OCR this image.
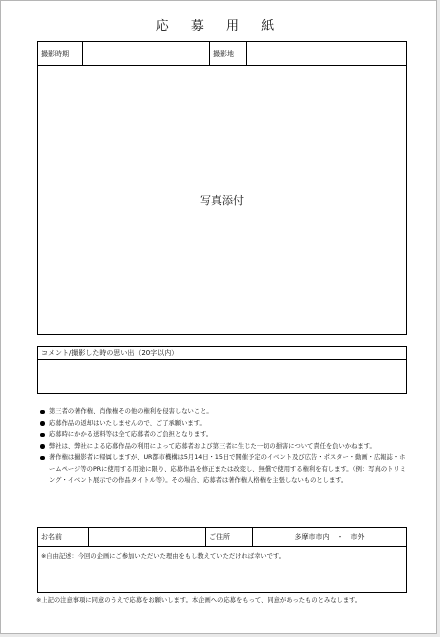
応 募 用 紙
撮影時期		撮影地	
写真添付
コメント/撮影した時の思い出（20字以内）
第三者の著作権、肖像権その他の権利を侵害しないこと。
応募作品の返却はいたしませんので、ご了承願います。
応募時にかかる送料等は全て応募者のご負担となります。
弊社は、弊社による応募作品の利用によって応募者および第三者に生じた一切の損害について責任を負いかねます。
著作権は撮影者に帰属しますが、UR都市機構は5月14日・15日で開催予定のイベント及び広告・ポスター・動画・広報誌・ホームページ等のPRに使用する用途に限り、応募作品を修正または改変し、無償で使用する権利を有します。（例：写真のトリミング・イベント展示での作品タイトル等）。その場合、応募者は著作権人格権を主張しないものとします。
お名前		ご住所	多摩市市内　・　市外
※自由記述：今回の企画にご参加いただいた理由をもし教えていただければ幸いです。
※上記の注意事項に同意のうえで応募をお願いします。本企画への応募をもって、同意があったものとみなします。
